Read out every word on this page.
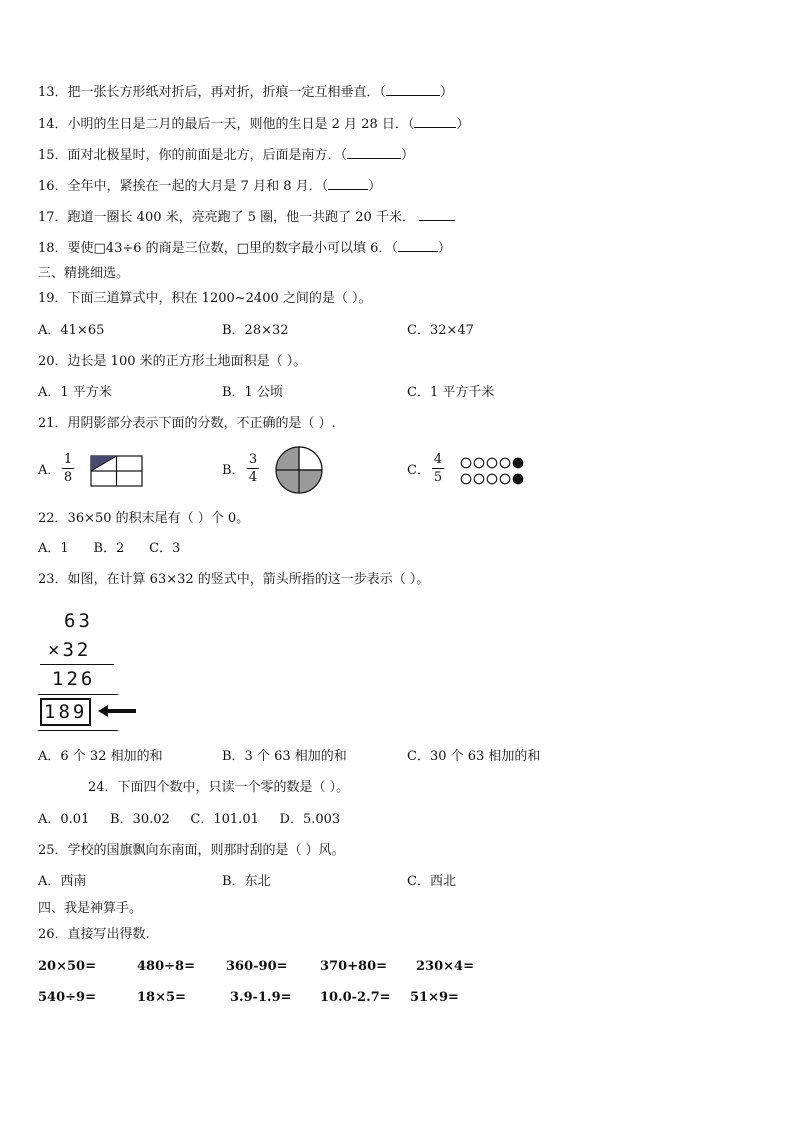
13．把一张长方形纸对折后，再对折，折痕一定互相垂直．（	）
14．小明的生日是二月的最后一天，则他的生日是 2 月 28 日．（	）
15．面对北极星时，你的前面是北方，后面是南方．（	）
16．全年中，紧挨在一起的大月是 7 月和 8 月．（	）
17．跑道一圈长 400 米，亮亮跑了 5 圈，他一共跑了 20 千米．
18．要使□43÷6 的商是三位数，□里的数字最小可以填 6．（	）
三、精挑细选。
19．下面三道算式中，积在 1200~2400 之间的是（ ）。
A．41×65	B．28×32	C．32×47
20．边长是 100 米的正方形土地面积是（ ）。
A．1 平方米	B．1 公顷	C．1 平方千米
21．用阴影部分表示下面的分数，不正确的是（ ）.
A．
1
8	B．
3
4	C．
4
5
22．36×50 的积末尾有（ ）个 0。
A．1      B．2      C．3
23．如图，在计算 63×32 的竖式中，箭头所指的这一步表示（ ）。
63
×32
126
189
A．6 个 32 相加的和	B．3 个 63 相加的和	C．30 个 63 相加的和
24．下面四个数中，只读一个零的数是（ ）。
A．0.01     B．30.02     C．101.01     D．5.003
25．学校的国旗飘向东南面，则那时刮的是（ ）风。
A．西南	B．东北	C．西北
四、我是神算手。
26．直接写出得数.
20×50=	480÷8= 360-90= 370+80= 230×4=
540÷9=	18×5=	3.9-1.9= 10.0-2.7= 51×9=
